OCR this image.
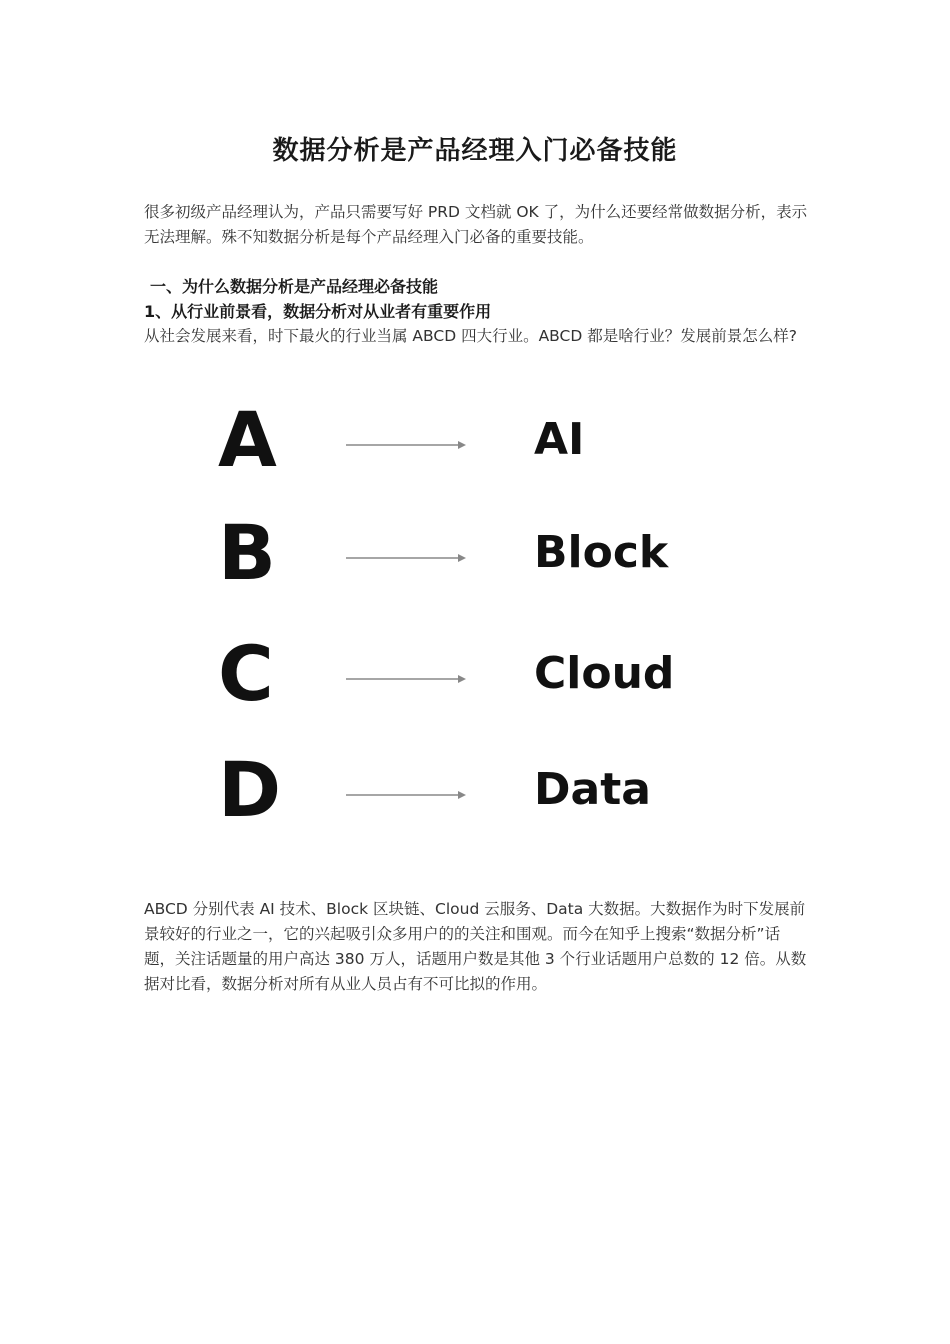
数据分析是产品经理入门必备技能

很多初级产品经理认为，产品只需要写好 PRD 文档就 OK 了，为什么还要经常做数据分析，表示无法理解。殊不知数据分析是每个产品经理入门必备的重要技能。

一、为什么数据分析是产品经理必备技能

1、从行业前景看，数据分析对从业者有重要作用

从社会发展来看，时下最火的行业当属 ABCD 四大行业。ABCD 都是啥行业？发展前景怎么样?

A	AI
B	Block
C	Cloud
D	Data

ABCD 分别代表 AI 技术、Block 区块链、Cloud 云服务、Data 大数据。大数据作为时下发展前景较好的行业之一，它的兴起吸引众多用户的的关注和围观。而今在知乎上搜索“数据分析”话题，关注话题量的用户高达 380 万人，话题用户数是其他 3 个行业话题用户总数的 12 倍。从数据对比看，数据分析对所有从业人员占有不可比拟的作用。
